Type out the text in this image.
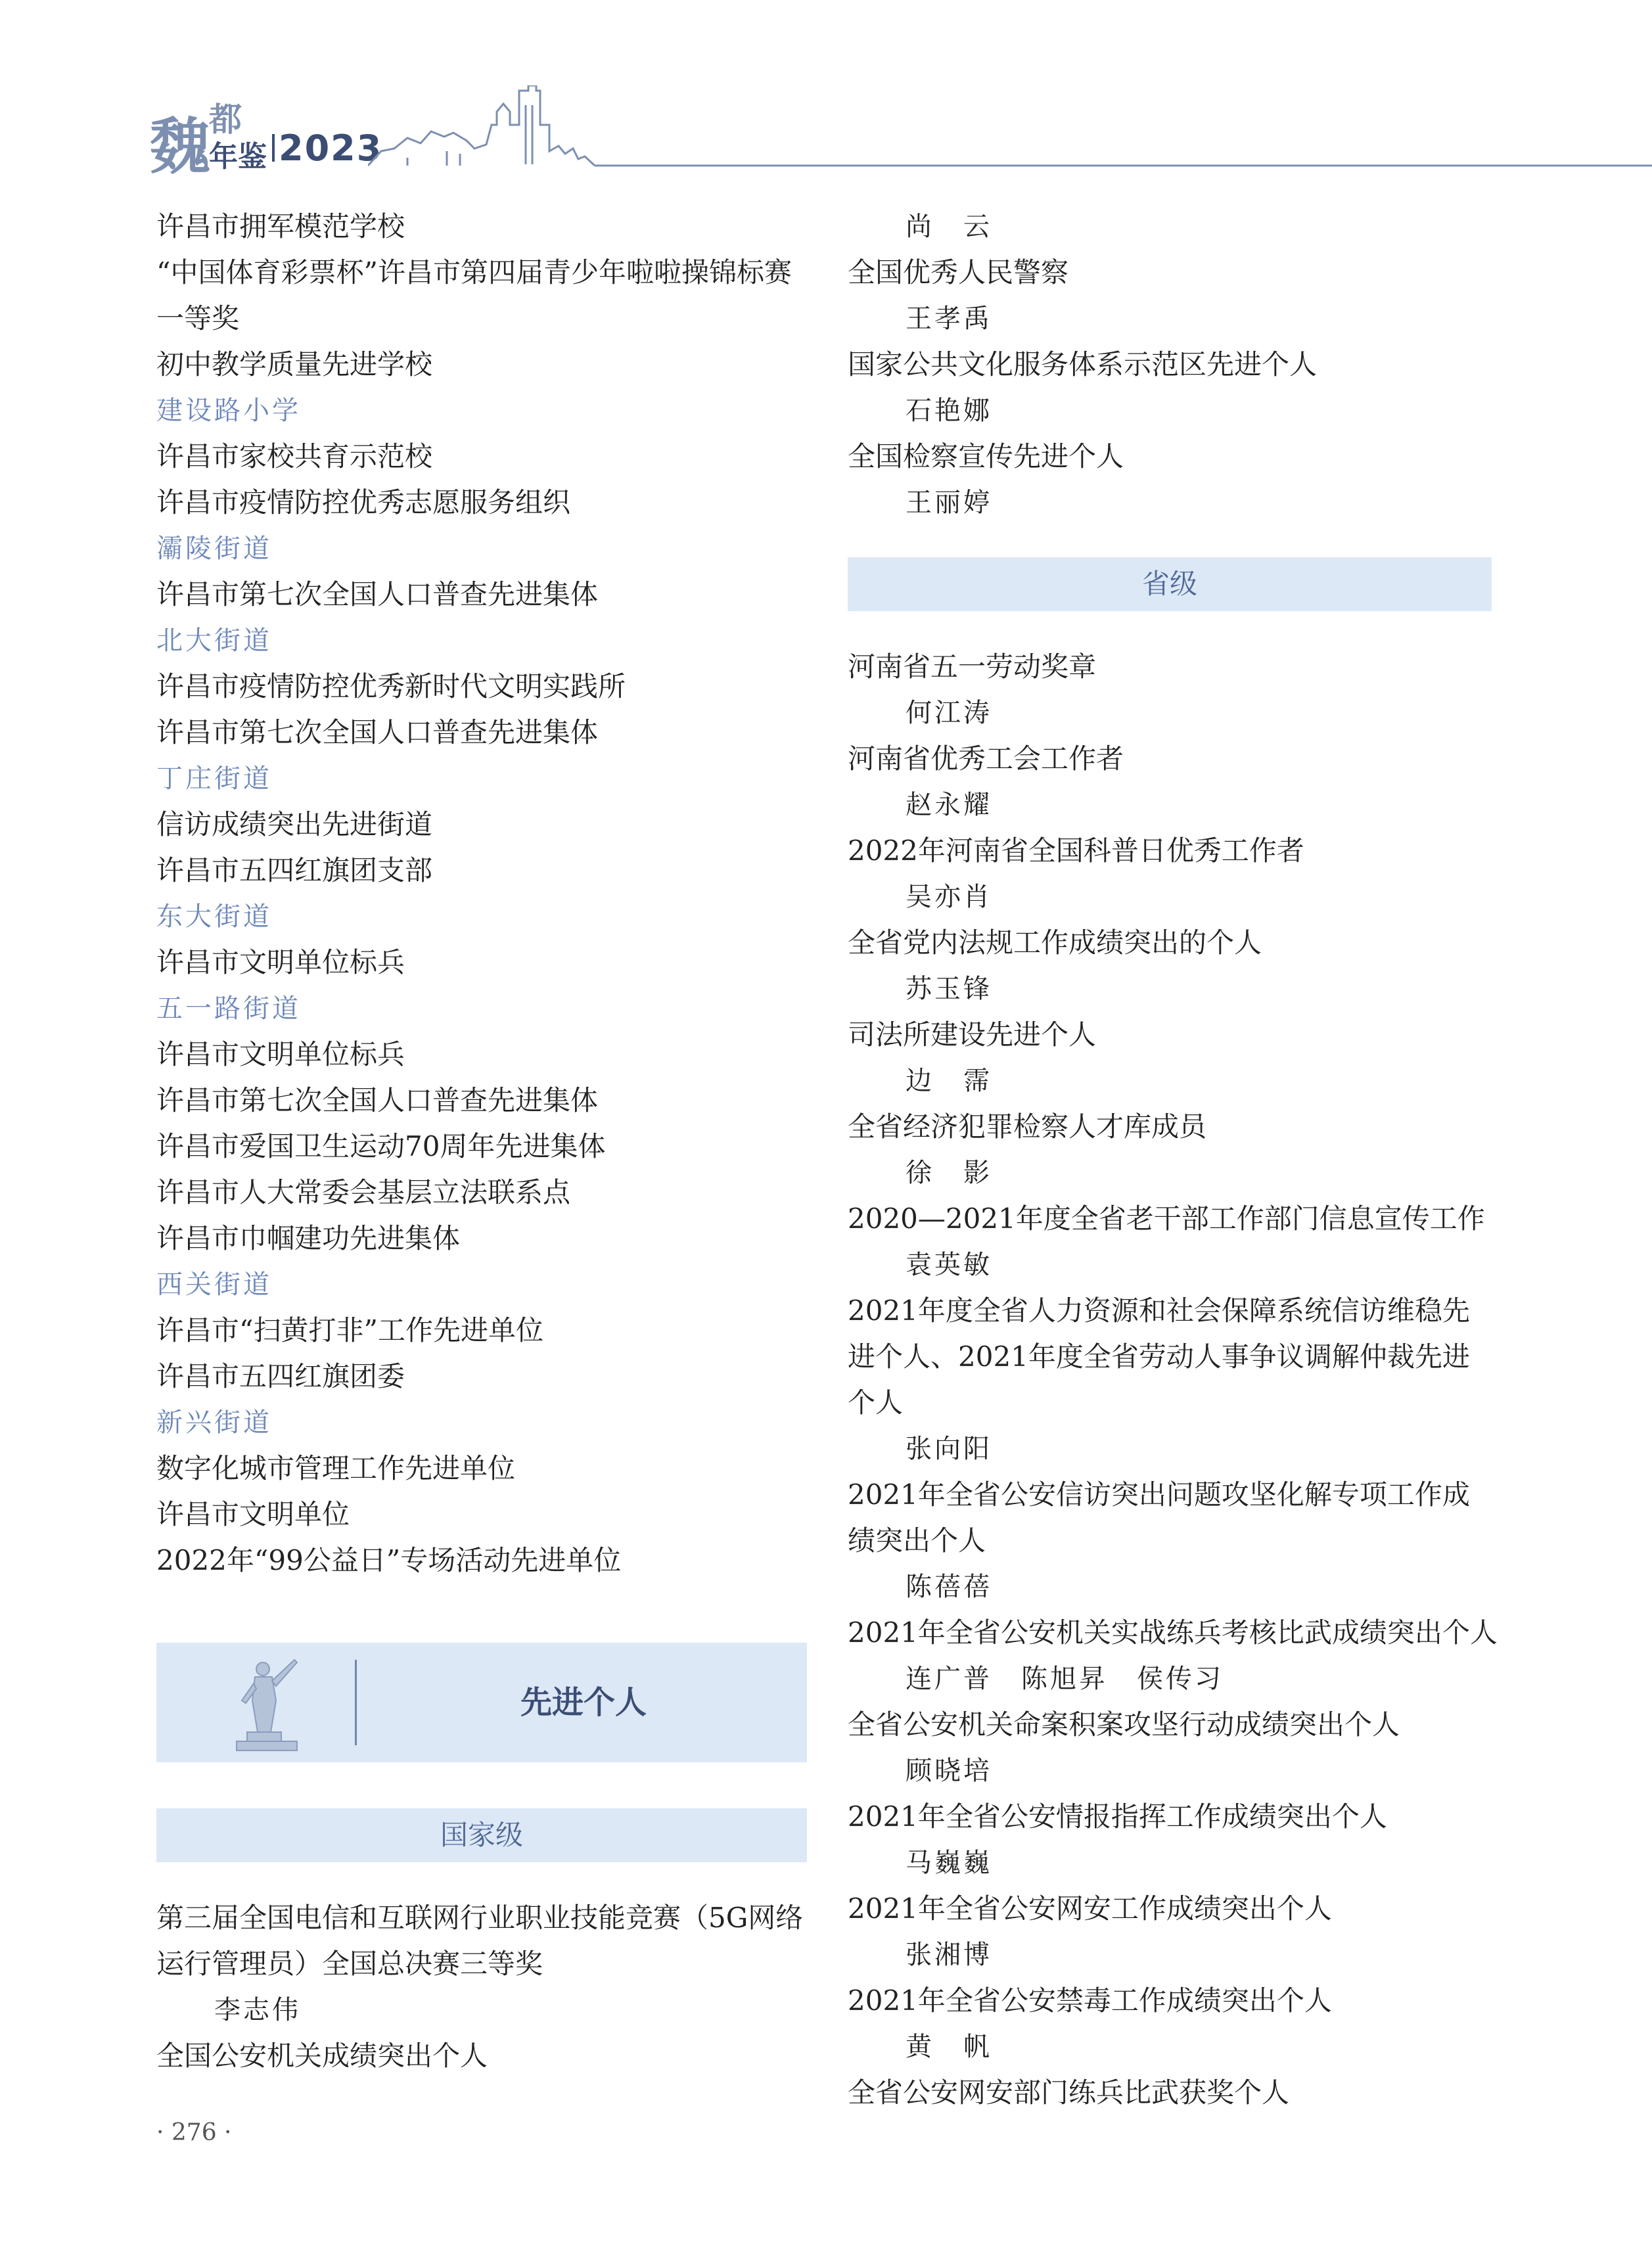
魏 都
年鉴 2023
许昌市拥军模范学校
“中国体育彩票杯”许昌市第四届青少年啦啦操锦标赛一等奖
初中教学质量先进学校
建设路小学
许昌市家校共育示范校
许昌市疫情防控优秀志愿服务组织
灞陵街道
许昌市第七次全国人口普查先进集体
北大街道
许昌市疫情防控优秀新时代文明实践所
许昌市第七次全国人口普查先进集体
丁庄街道
信访成绩突出先进街道
许昌市五四红旗团支部
东大街道
许昌市文明单位标兵
五一路街道
许昌市文明单位标兵
许昌市第七次全国人口普查先进集体
许昌市爱国卫生运动70周年先进集体
许昌市人大常委会基层立法联系点
许昌市巾帼建功先进集体
西关街道
许昌市“扫黄打非”工作先进单位
许昌市五四红旗团委
新兴街道
数字化城市管理工作先进单位
许昌市文明单位
2022年“99公益日”专场活动先进单位
先进个人
国家级
第三届全国电信和互联网行业职业技能竞赛（5G网络运行管理员）全国总决赛三等奖
李志伟
全国公安机关成绩突出个人
尚　云
全国优秀人民警察
王孝禹
国家公共文化服务体系示范区先进个人
石艳娜
全国检察宣传先进个人
王丽婷
省级
河南省五一劳动奖章
何江涛
河南省优秀工会工作者
赵永耀
2022年河南省全国科普日优秀工作者
吴亦肖
全省党内法规工作成绩突出的个人
苏玉锋
司法所建设先进个人
边　霈
全省经济犯罪检察人才库成员
徐　影
2020—2021年度全省老干部工作部门信息宣传工作
袁英敏
2021年度全省人力资源和社会保障系统信访维稳先进个人、2021年度全省劳动人事争议调解仲裁先进个人
张向阳
2021年全省公安信访突出问题攻坚化解专项工作成绩突出个人
陈蓓蓓
2021年全省公安机关实战练兵考核比武成绩突出个人
连广普　陈旭昇　侯传习
全省公安机关命案积案攻坚行动成绩突出个人
顾晓培
2021年全省公安情报指挥工作成绩突出个人
马巍巍
2021年全省公安网安工作成绩突出个人
张湘博
2021年全省公安禁毒工作成绩突出个人
黄　帆
全省公安网安部门练兵比武获奖个人
· 276 ·
